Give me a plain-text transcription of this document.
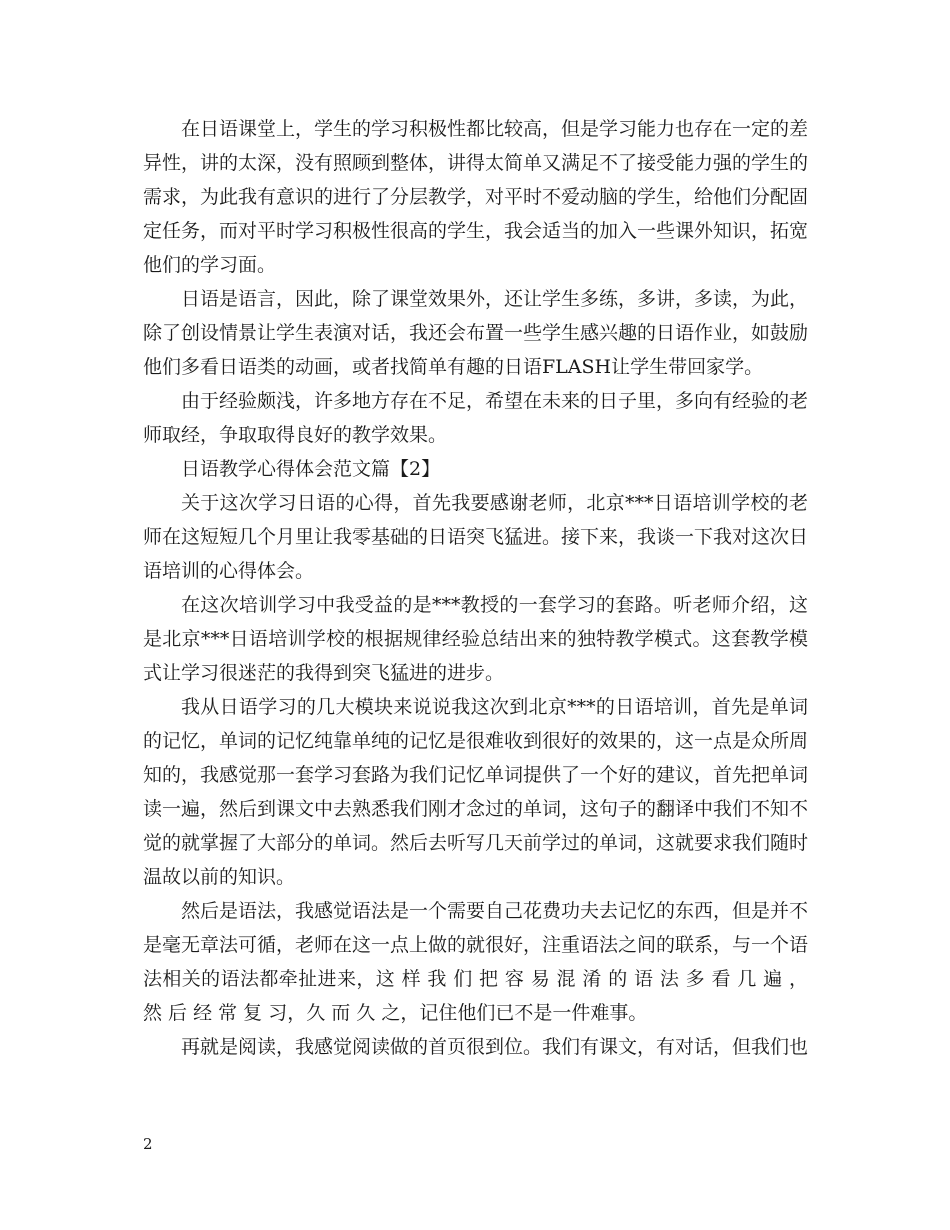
在日语课堂上，学生的学习积极性都比较高，但是学习能力也存在一定的差异性，讲的太深，没有照顾到整体，讲得太简单又满足不了接受能力强的学生的需求，为此我有意识的进行了分层教学，对平时不爱动脑的学生，给他们分配固定任务，而对平时学习积极性很高的学生，我会适当的加入一些课外知识，拓宽他们的学习面。

日语是语言，因此，除了课堂效果外，还让学生多练，多讲，多读，为此，除了创设情景让学生表演对话，我还会布置一些学生感兴趣的日语作业，如鼓励他们多看日语类的动画，或者找简单有趣的日语FLASH让学生带回家学。

由于经验颇浅，许多地方存在不足，希望在未来的日子里，多向有经验的老师取经，争取取得良好的教学效果。

日语教学心得体会范文篇【2】

关于这次学习日语的心得，首先我要感谢老师，北京***日语培训学校的老师在这短短几个月里让我零基础的日语突飞猛进。接下来，我谈一下我对这次日语培训的心得体会。

在这次培训学习中我受益的是***教授的一套学习的套路。听老师介绍，这是北京***日语培训学校的根据规律经验总结出来的独特教学模式。这套教学模式让学习很迷茫的我得到突飞猛进的进步。

我从日语学习的几大模块来说说我这次到北京***的日语培训，首先是单词的记忆，单词的记忆纯靠单纯的记忆是很难收到很好的效果的，这一点是众所周知的，我感觉那一套学习套路为我们记忆单词提供了一个好的建议，首先把单词读一遍，然后到课文中去熟悉我们刚才念过的单词，这句子的翻译中我们不知不觉的就掌握了大部分的单词。然后去听写几天前学过的单词，这就要求我们随时温故以前的知识。

然后是语法，我感觉语法是一个需要自己花费功夫去记忆的东西，但是并不是毫无章法可循，老师在这一点上做的就很好，注重语法之间的联系，与一个语法相关的语法都牵扯进来，这 样 我 们 把 容 易 混 淆 的 语 法 多 看 几 遍 ，然 后 经 常 复 习，久 而 久 之，记住他们已不是一件难事。

再就是阅读，我感觉阅读做的首页很到位。我们有课文，有对话，但我们也

2
